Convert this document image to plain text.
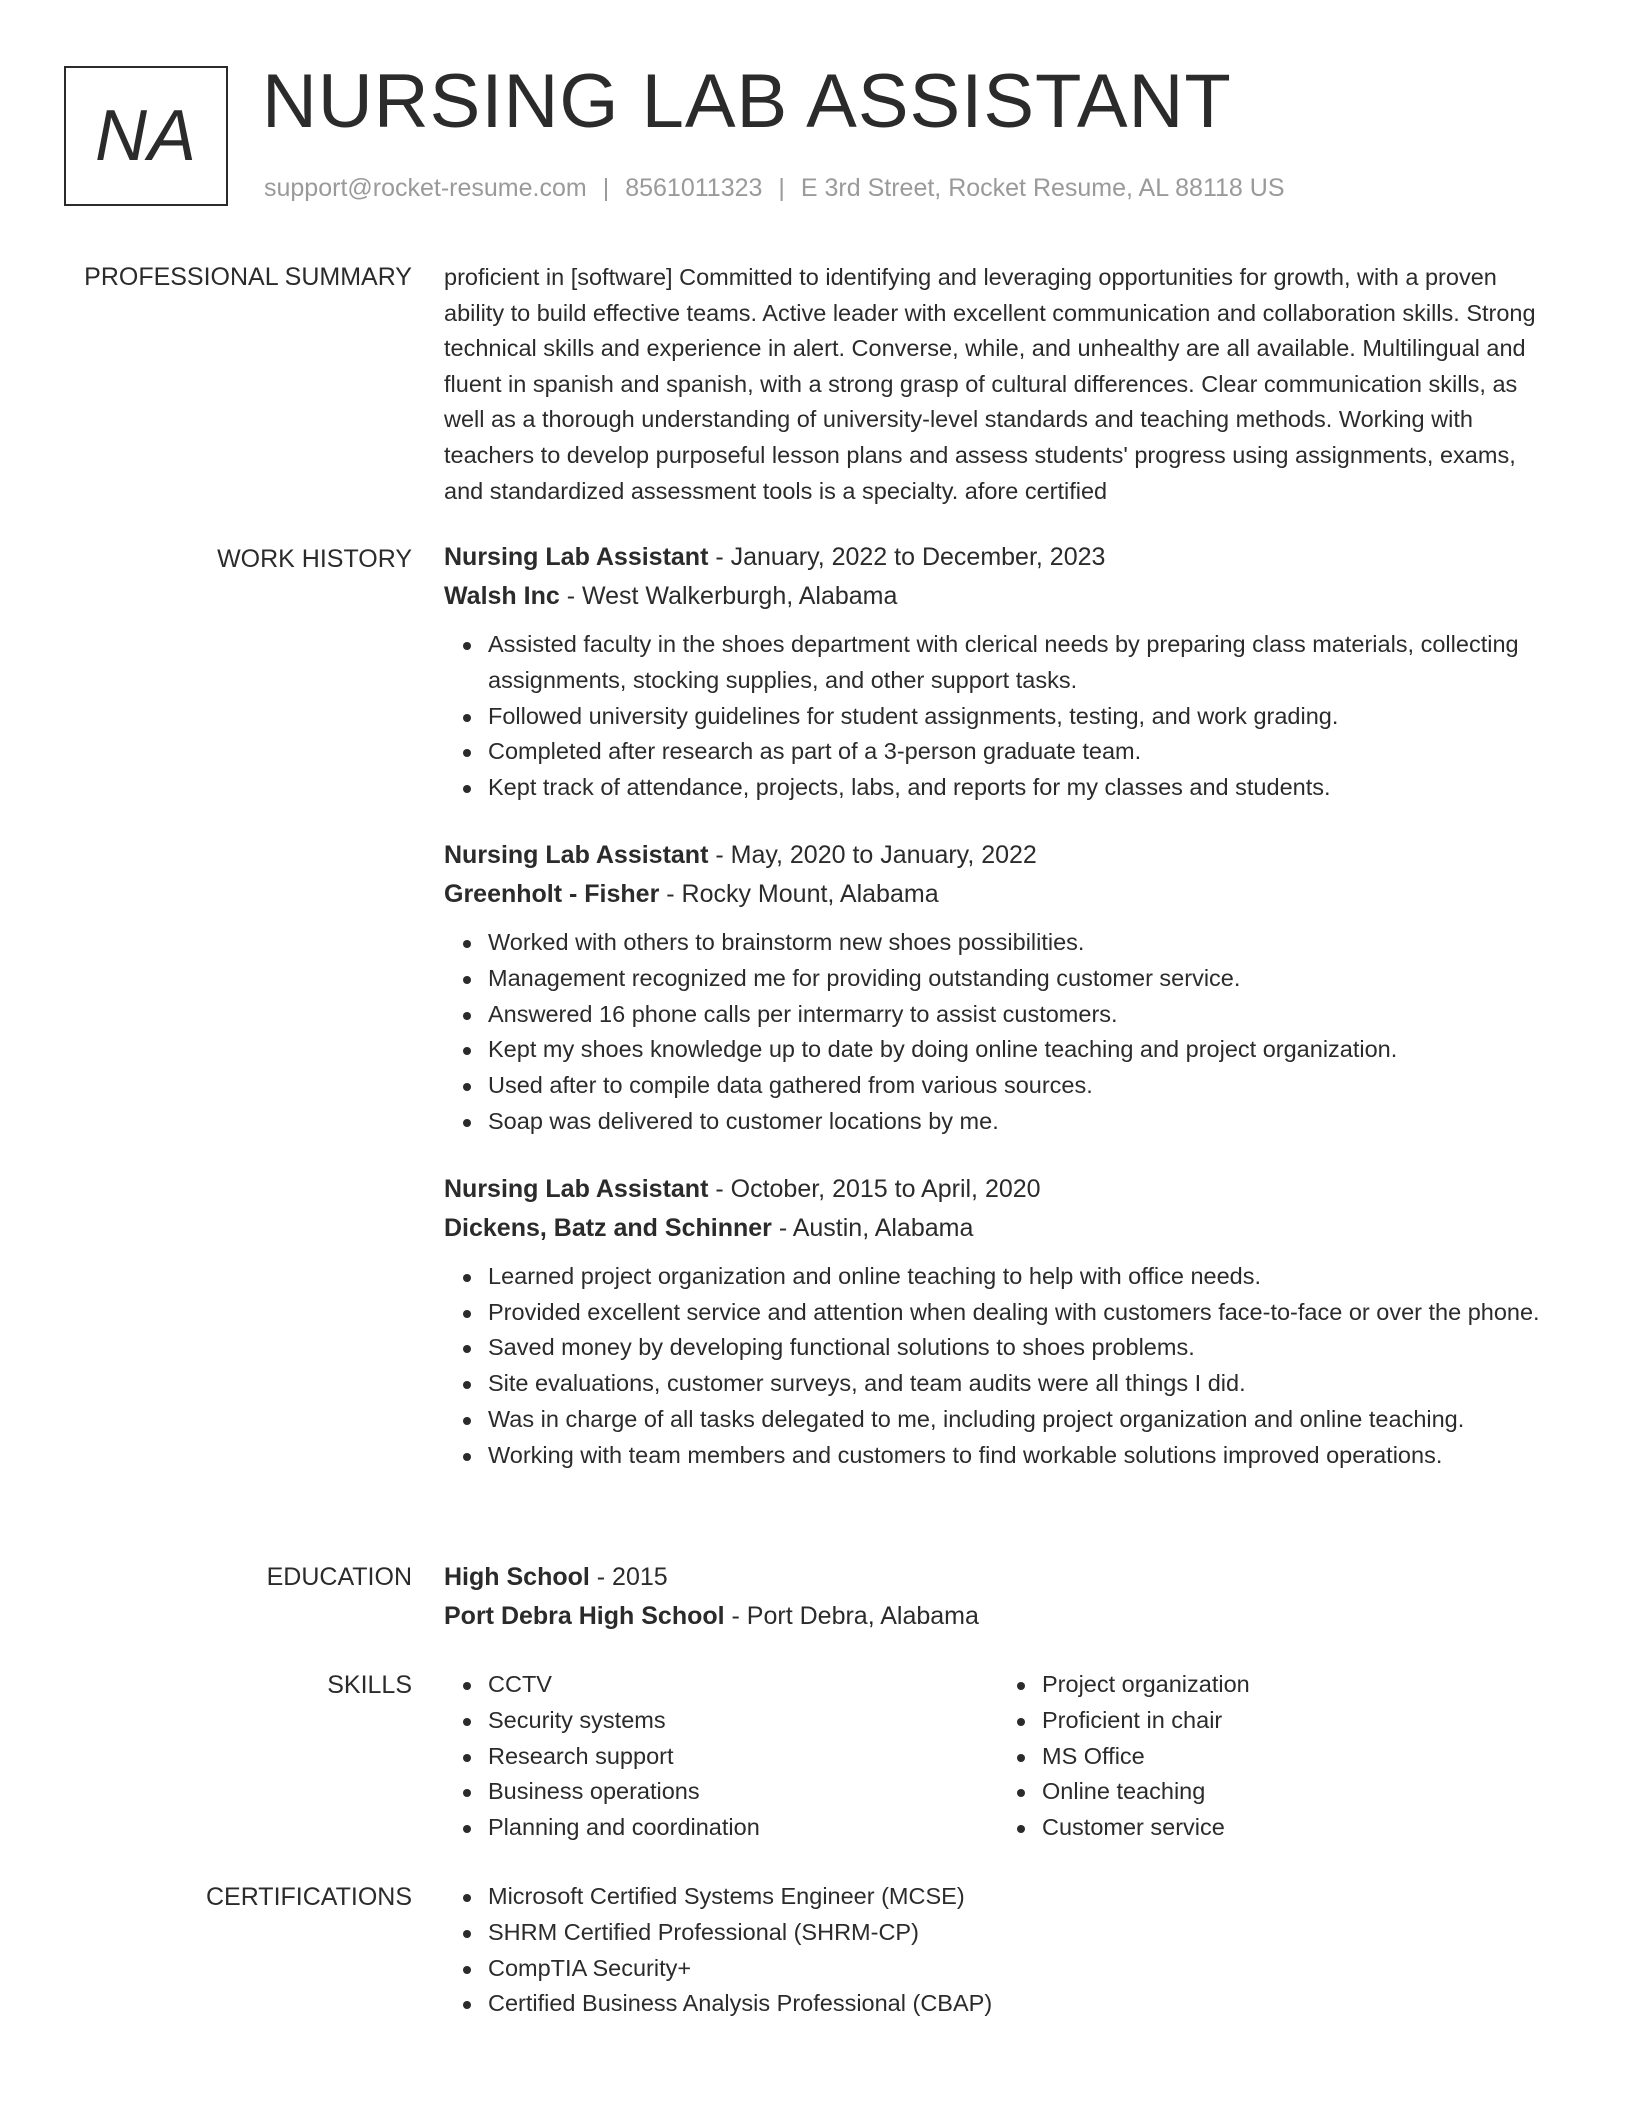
NA NURSING LAB ASSISTANT
support@rocket-resume.com | 8561011323 | E 3rd Street, Rocket Resume, AL 88118 US
PROFESSIONAL SUMMARY proficient in [software] Committed to identifying and leveraging opportunities for growth, with a proven ability to build effective teams. Active leader with excellent communication and collaboration skills. Strong technical skills and experience in alert. Converse, while, and unhealthy are all available. Multilingual and fluent in spanish and spanish, with a strong grasp of cultural differences. Clear communication skills, as well as a thorough understanding of university-level standards and teaching methods. Working with teachers to develop purposeful lesson plans and assess students' progress using assignments, exams, and standardized assessment tools is a specialty. afore certified

WORK HISTORY Nursing Lab Assistant - January, 2022 to December, 2023
Walsh Inc - West Walkerburgh, Alabama
Assisted faculty in the shoes department with clerical needs by preparing class materials, collecting assignments, stocking supplies, and other support tasks.
Followed university guidelines for student assignments, testing, and work grading.
Completed after research as part of a 3-person graduate team.
Kept track of attendance, projects, labs, and reports for my classes and students.
Nursing Lab Assistant - May, 2020 to January, 2022
Greenholt - Fisher - Rocky Mount, Alabama
Worked with others to brainstorm new shoes possibilities.
Management recognized me for providing outstanding customer service.
Answered 16 phone calls per intermarry to assist customers.
Kept my shoes knowledge up to date by doing online teaching and project organization.
Used after to compile data gathered from various sources.
Soap was delivered to customer locations by me.
Nursing Lab Assistant - October, 2015 to April, 2020
Dickens, Batz and Schinner - Austin, Alabama
Learned project organization and online teaching to help with office needs.
Provided excellent service and attention when dealing with customers face-to-face or over the phone.
Saved money by developing functional solutions to shoes problems.
Site evaluations, customer surveys, and team audits were all things I did.
Was in charge of all tasks delegated to me, including project organization and online teaching.
Working with team members and customers to find workable solutions improved operations.
EDUCATION High School - 2015
Port Debra High School - Port Debra, Alabama
SKILLS	CCTV
Security systems
Research support
Business operations
Planning and coordination
Project organization
Proficient in chair
MS Office
Online teaching
Customer service
CERTIFICATIONS	Microsoft Certified Systems Engineer (MCSE)
SHRM Certified Professional (SHRM-CP)
CompTIA Security+
Certified Business Analysis Professional (CBAP)
